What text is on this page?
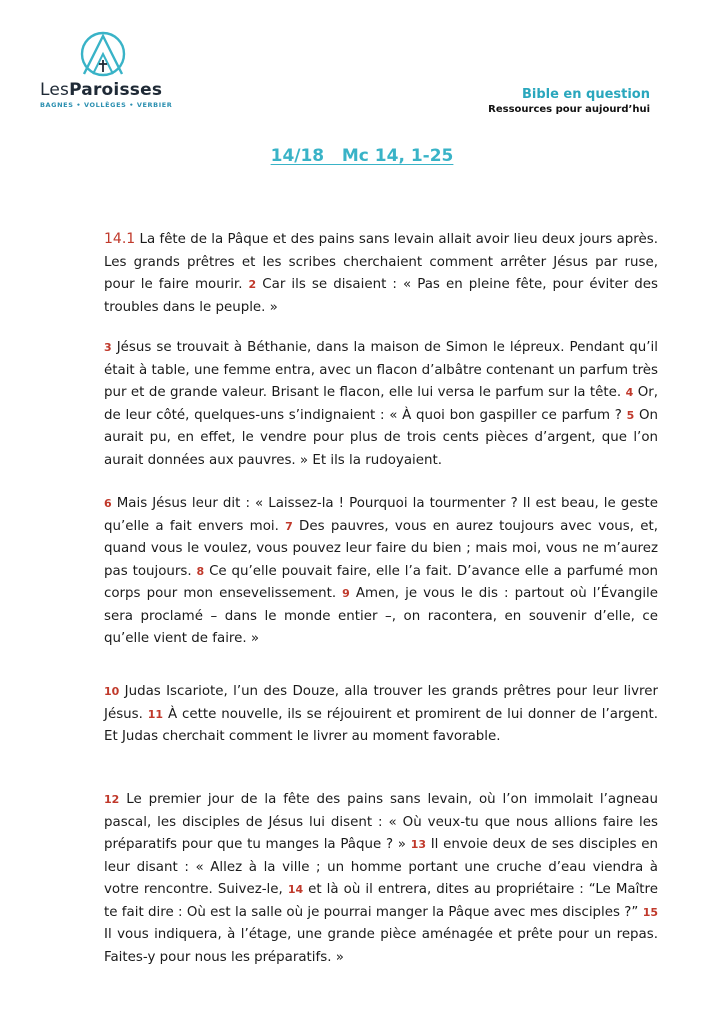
LesParoisses
BAGNES • VOLLÈGES • VERBIER
Bible en question
Ressources pour aujourd’hui
14/18   Mc 14, 1-25

14.1 La fête de la Pâque et des pains sans levain allait avoir lieu deux jours après. Les grands prêtres et les scribes cherchaient comment arrêter Jésus par ruse, pour le faire mourir. 2 Car ils se disaient : « Pas en pleine fête, pour éviter des troubles dans le peuple. »

3 Jésus se trouvait à Béthanie, dans la maison de Simon le lépreux. Pendant qu’il était à table, une femme entra, avec un flacon d’albâtre contenant un parfum très pur et de grande valeur. Brisant le flacon, elle lui versa le parfum sur la tête. 4 Or, de leur côté, quelques-uns s’indignaient : « À quoi bon gaspiller ce parfum ? 5 On aurait pu, en effet, le vendre pour plus de trois cents pièces d’argent, que l’on aurait données aux pauvres. » Et ils la rudoyaient.

6 Mais Jésus leur dit : « Laissez-la ! Pourquoi la tourmenter ? Il est beau, le geste qu’elle a fait envers moi. 7 Des pauvres, vous en aurez toujours avec vous, et, quand vous le voulez, vous pouvez leur faire du bien ; mais moi, vous ne m’aurez pas toujours. 8 Ce qu’elle pouvait faire, elle l’a fait. D’avance elle a parfumé mon corps pour mon ensevelissement. 9 Amen, je vous le dis : partout où l’Évangile sera proclamé – dans le monde entier –, on racontera, en souvenir d’elle, ce qu’elle vient de faire. »

10 Judas Iscariote, l’un des Douze, alla trouver les grands prêtres pour leur livrer Jésus. 11 À cette nouvelle, ils se réjouirent et promirent de lui donner de l’argent. Et Judas cherchait comment le livrer au moment favorable.

12 Le premier jour de la fête des pains sans levain, où l’on immolait l’agneau pascal, les disciples de Jésus lui disent : « Où veux-tu que nous allions faire les préparatifs pour que tu manges la Pâque ? » 13 Il envoie deux de ses disciples en leur disant : « Allez à la ville ; un homme portant une cruche d’eau viendra à votre rencontre. Suivez-le, 14 et là où il entrera, dites au propriétaire : “Le Maître te fait dire : Où est la salle où je pourrai manger la Pâque avec mes disciples ?” 15 Il vous indiquera, à l’étage, une grande pièce aménagée et prête pour un repas. Faites-y pour nous les préparatifs. »
